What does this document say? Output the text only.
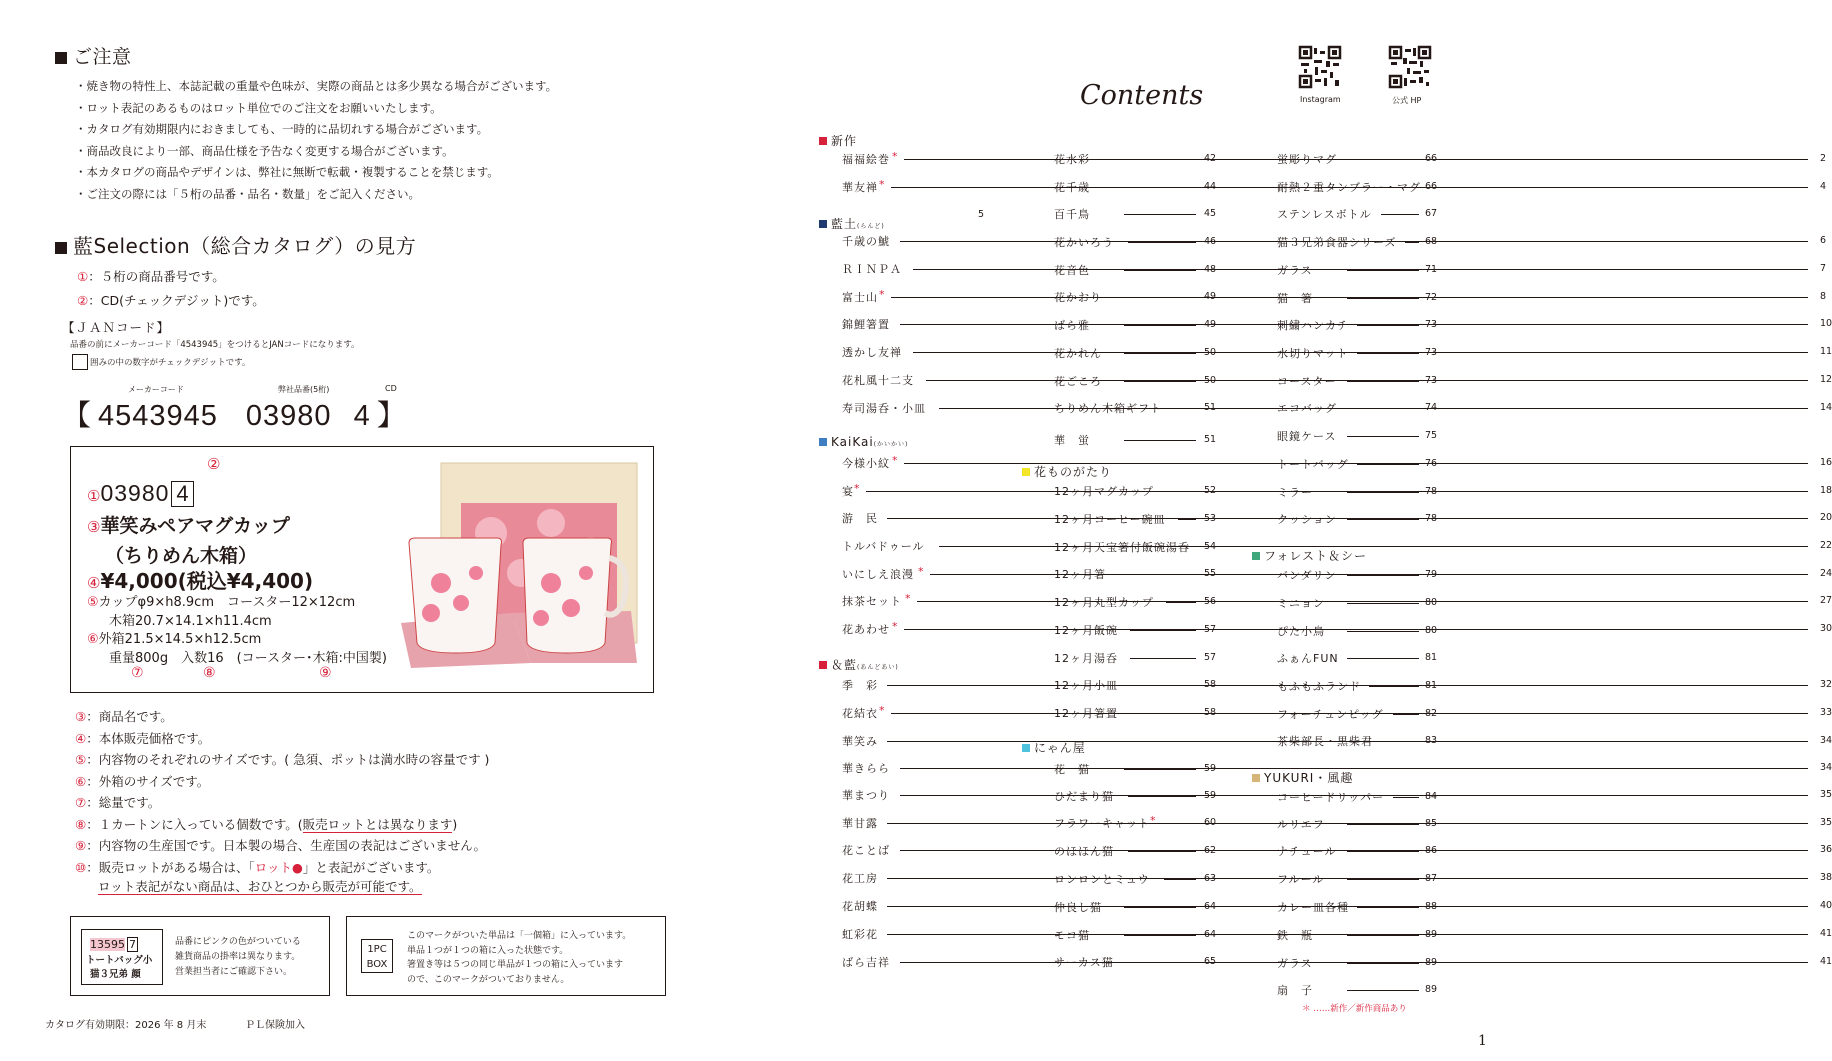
ご注意
・焼き物の特性上、本誌記載の重量や色味が、実際の商品とは多少異なる場合がございます。
・ロット表記のあるものはロット単位でのご注文をお願いいたします。
・カタログ有効期限内におきましても、一時的に品切れする場合がございます。
・商品改良により一部、商品仕様を予告なく変更する場合がございます。
・本カタログの商品やデザインは、弊社に無断で転載・複製することを禁じます。
・ご注文の際には「５桁の品番・品名・数量」をご記入ください。
藍Selection（総合カタログ）の見方
①：５桁の商品番号です。
②：CD(チェックデジット)です。
【ＪＡＮコード】
品番の前にメーカーコード「4543945」をつけるとJANコードになります。
囲みの中の数字がチェックデジットです。
メーカーコード	弊社品番(5桁)	CD
【 4543945 03980 4 】
②
①03980 4
③華笑みペアマグカップ
（ちりめん木箱）
④¥4,000(税込¥4,400)
⑤カップφ9×h8.9cm　コースター12×12cm
木箱20.7×14.1×h11.4cm
⑥外箱21.5×14.5×h12.5cm
重量800g　入数16　(コースター･木箱:中国製)
⑦	⑧	⑨
③：商品名です。
④：本体販売価格です。
⑤：内容物のそれぞれのサイズです。( 急須、ポットは満水時の容量です )
⑥：外箱のサイズです。
⑦：総量です。
⑧：１カートンに入っている個数です。(販売ロットとは異なります)
⑨：内容物の生産国です。日本製の場合、生産国の表記はございません。
⑩：販売ロットがある場合は、「ロット●」と表記がございます。
ロット表記がない商品は、おひとつから販売が可能です。
13595 7
トートバッグ小
猫３兄弟 顔
品番にピンクの色がついている
雑貨商品の掛率は異なります。
営業担当者にご確認下さい。
1PC
BOX
このマークがついた単品は「一個箱」に入っています。
単品１つが１つの箱に入った状態です。
箸置き等は５つの同じ単品が１つの箱に入っています
ので、このマークがついておりません。
カタログ有効期限：2026 年 8 月末	ＰＬ保険加入
Contents	Instagram	公式 HP
新作
福福絵巻 *	2
華友禅 *	4
藍土(らんど)
千歳の鯱	6
ＲＩＮＰＡ	7
富士山 *	8
錦鯉箸置	10
透かし友禅	11
花札風十二支	12
寿司湯呑・小皿	14
KaiKai(かいかい)
今様小紋 *	16
宴 *	18
游　民	20
トルバドゥール	22
いにしえ浪漫 *	24
抹茶セット *	27
花あわせ *	30
＆藍(あんどあい)
季　彩	32
花結衣 *	33
華笑み	34
華きらら	34
華まつり	35
華甘露	35
花ことば	36
花工房	38
花胡蝶	40
虹彩花	41
ばら吉祥	41
5
花水彩	42
花千歳	44
百千鳥	45
花かいろう	46
花音色	48
花かおり	49
ばら雅	49
花かれん	50
花ごころ	50
ちりめん木箱ギフト	51
華　蛍	51
花ものがたり
12ヶ月マグカップ	52
12ヶ月コーヒー碗皿	53
12ヶ月天宝箸付飯碗湯呑 54
12ヶ月箸	55
12ヶ月丸型カップ	56
12ヶ月飯碗	57
12ヶ月湯呑	57
12ヶ月小皿	58
12ヶ月箸置	58
にゃん屋
花　猫	59
ひだまり猫	59
フラワーキャット *	60
のほほん猫	62
ロンロンとミュウ	63
仲良し猫	64
モコ猫	64
サーカス猫	65
蛍彫りマグ	66
耐熱２重タンブラー・マグ 66
ステンレスボトル	67
猫３兄弟食器シリーズ	68
ガラス	71
猫　箸	72
刺繍ハンカチ	73
水切りマット	73
コースター	73
エコバッグ	74
眼鏡ケース	75
トートバッグ	76
ミラー	78
クッション	78
フォレスト＆シー
バンダリン	79
ミニョン	80
ぴた小鳥	80
ふぁんFUN	81
もふもふランド	81
フォーチュンピッグ	82
茶柴部長・黒柴君	83
YUKURI・風趣
コーヒードリッパー	84
ルリエフ	85
ナチュール	86
フルール	87
カレー皿各種	88
鉄　瓶	89
ガラス	89
扇　子	89
＊ ……新作／新作商品あり
1
